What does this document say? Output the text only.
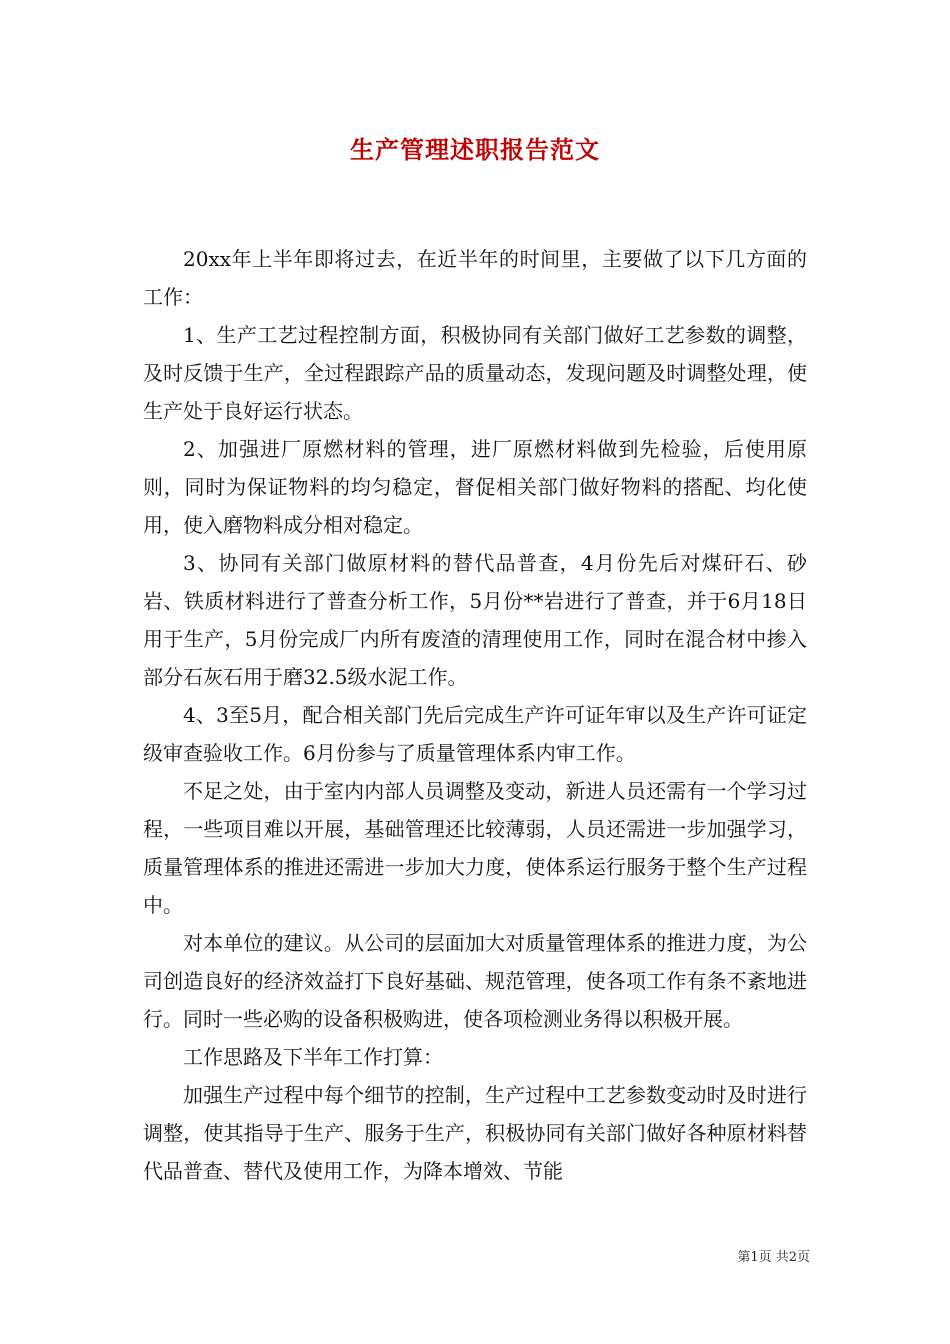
生产管理述职报告范文

20xx年上半年即将过去，在近半年的时间里，主要做了以下几方面的工作：

1、生产工艺过程控制方面，积极协同有关部门做好工艺参数的调整，及时反馈于生产，全过程跟踪产品的质量动态，发现问题及时调整处理，使生产处于良好运行状态。

2、加强进厂原燃材料的管理，进厂原燃材料做到先检验，后使用原则，同时为保证物料的均匀稳定，督促相关部门做好物料的搭配、均化使用，使入磨物料成分相对稳定。

3、协同有关部门做原材料的替代品普查，4月份先后对煤矸石、砂岩、铁质材料进行了普查分析工作，5月份**岩进行了普查，并于6月18日用于生产，5月份完成厂内所有废渣的清理使用工作，同时在混合材中掺入部分石灰石用于磨32.5级水泥工作。

4、3至5月，配合相关部门先后完成生产许可证年审以及生产许可证定级审查验收工作。6月份参与了质量管理体系内审工作。

不足之处，由于室内内部人员调整及变动，新进人员还需有一个学习过程，一些项目难以开展，基础管理还比较薄弱，人员还需进一步加强学习，质量管理体系的推进还需进一步加大力度，使体系运行服务于整个生产过程中。

对本单位的建议。从公司的层面加大对质量管理体系的推进力度，为公司创造良好的经济效益打下良好基础、规范管理，使各项工作有条不紊地进行。同时一些必购的设备积极购进，使各项检测业务得以积极开展。

工作思路及下半年工作打算：

加强生产过程中每个细节的控制，生产过程中工艺参数变动时及时进行调整，使其指导于生产、服务于生产，积极协同有关部门做好各种原材料替代品普查、替代及使用工作，为降本增效、节能

第1页 共2页
